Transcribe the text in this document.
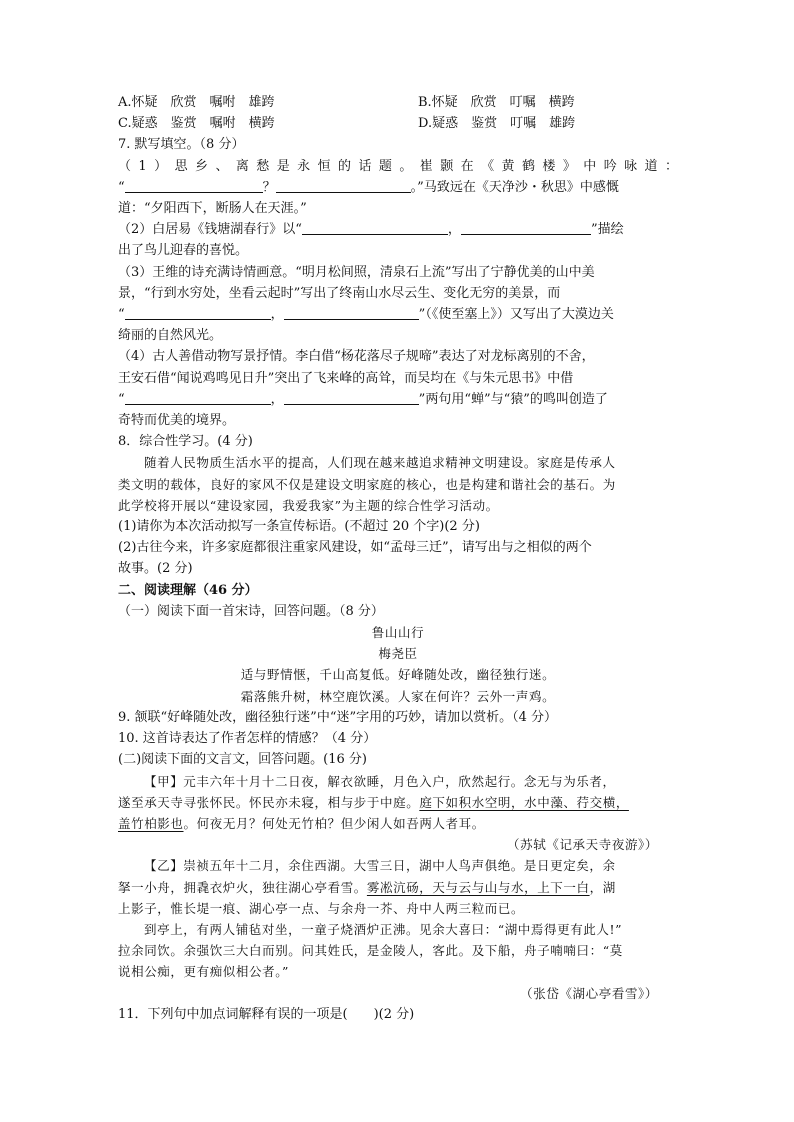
A.怀疑　欣赏　嘱咐　雄跨	B.怀疑　欣赏　叮嘱　横跨
C.疑惑　鉴赏　嘱咐　横跨	D.疑惑　鉴赏　叮嘱　雄跨
7. 默写填空。（8 分）
（1）思乡、离愁是永恒的话题。崔颢在《黄鹤楼》中吟咏道：
“	？	。”马致远在《天净沙・秋思》中感慨
道：“夕阳西下，断肠人在天涯。”
（2）白居易《钱塘湖春行》以“	，	”描绘
出了鸟儿迎春的喜悦。
（3）王维的诗充满诗情画意。“明月松间照，清泉石上流”写出了宁静优美的山中美
景，“行到水穷处，坐看云起时”写出了终南山水尽云生、变化无穷的美景，而
“	，	”（《使至塞上》）又写出了大漠边关
绮丽的自然风光。
（4）古人善借动物写景抒情。李白借“杨花落尽子规啼”表达了对龙标离别的不舍，
王安石借“闻说鸡鸣见日升”突出了飞来峰的高耸，而吴均在《与朱元思书》中借
“	，	”两句用“蝉”与“猿”的鸣叫创造了
奇特而优美的境界。
8．综合性学习。(4 分)
随着人民物质生活水平的提高，人们现在越来越追求精神文明建设。家庭是传承人
类文明的载体，良好的家风不仅是建设文明家庭的核心，也是构建和谐社会的基石。为
此学校将开展以“建设家园，我爱我家”为主题的综合性学习活动。
(1)请你为本次活动拟写一条宣传标语。(不超过 20 个字)(2 分)
(2)古往今来，许多家庭都很注重家风建设，如“孟母三迁”，请写出与之相似的两个
故事。(2 分)
二、阅读理解（46 分）
（一）阅读下面一首宋诗，回答问题。（8 分）
鲁山山行
梅尧臣
适与野情惬，千山高复低。好峰随处改，幽径独行迷。
霜落熊升树，林空鹿饮溪。人家在何许？云外一声鸡。
9. 颔联“好峰随处改，幽径独行迷”中“迷”字用的巧妙，请加以赏析。（4 分）
10. 这首诗表达了作者怎样的情感？（4 分）
(二)阅读下面的文言文，回答问题。(16 分)
【甲】元丰六年十月十二日夜，解衣欲睡，月色入户，欣然起行。念无与为乐者，
遂至承天寺寻张怀民。怀民亦未寝，相与步于中庭。庭下如积水空明，水中藻、荇交横，
盖竹柏影也。何夜无月？何处无竹柏？但少闲人如吾两人者耳。
（苏轼《记承天寺夜游》）
【乙】崇祯五年十二月，余住西湖。大雪三日，湖中人鸟声俱绝。是日更定矣，余
拏一小舟，拥毳衣炉火，独往湖心亭看雪。雾凇沆砀，天与云与山与水，上下一白，湖
上影子，惟长堤一痕、湖心亭一点、与余舟一芥、舟中人两三粒而已。
到亭上，有两人铺毡对坐，一童子烧酒炉正沸。见余大喜曰：“湖中焉得更有此人!”
拉余同饮。余强饮三大白而别。问其姓氏，是金陵人，客此。及下船，舟子喃喃曰：“莫
说相公痴，更有痴似相公者。”
（张岱《湖心亭看雪》）
11．下列句中加点词解释有误的一项是(　　)(2 分)
